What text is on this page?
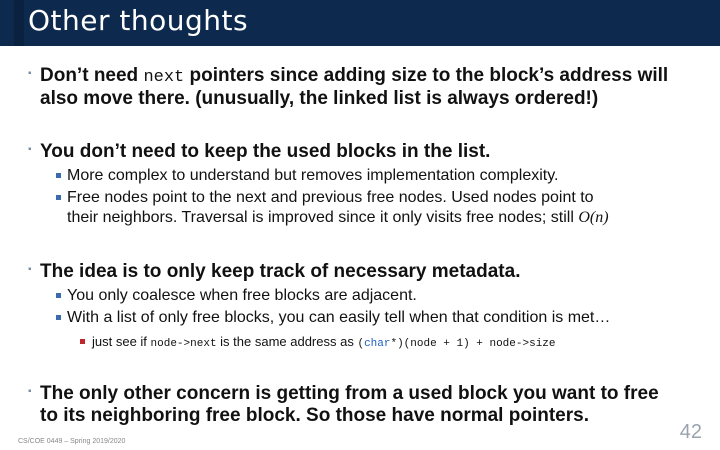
Other thoughts
▪ Don’t need next pointers since adding size to the block’s address will
also move there. (unusually, the linked list is always ordered!)
▪ You don’t need to keep the used blocks in the list.
More complex to understand but removes implementation complexity.
Free nodes point to the next and previous free nodes. Used nodes point to
their neighbors. Traversal is improved since it only visits free nodes; still O(n)
▪ The idea is to only keep track of necessary metadata.
You only coalesce when free blocks are adjacent.
With a list of only free blocks, you can easily tell when that condition is met…
just see if node->next is the same address as (char*)(node + 1) + node->size
▪ The only other concern is getting from a used block you want to free
to its neighboring free block. So those have normal pointers.
CS/COE 0449 – Spring 2019/2020	42
